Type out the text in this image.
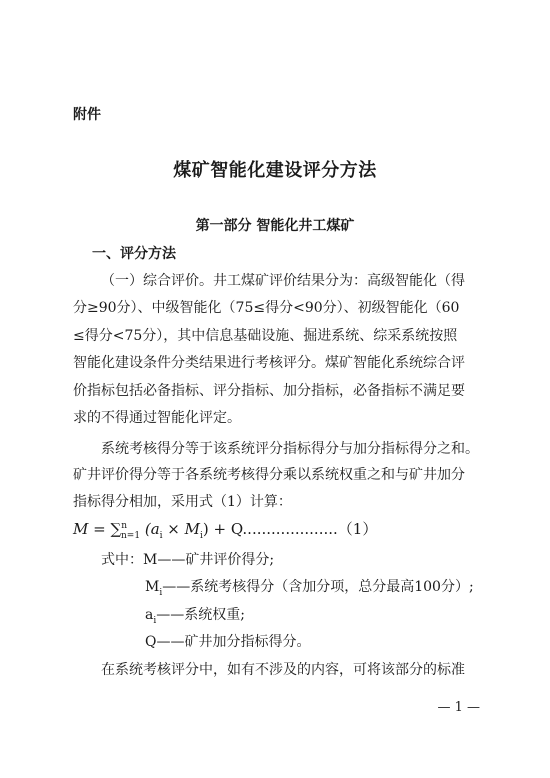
附件
煤矿智能化建设评分方法
第一部分 智能化井工煤矿
一、评分方法
（一）综合评价。井工煤矿评价结果分为：高级智能化（得
分≥90分）、中级智能化（75≤得分<90分）、初级智能化（60
≤得分<75分），其中信息基础设施、掘进系统、综采系统按照
智能化建设条件分类结果进行考核评分。煤矿智能化系统综合评
价指标包括必备指标、评分指标、加分指标，必备指标不满足要
求的不得通过智能化评定。
系统考核得分等于该系统评分指标得分与加分指标得分之和。
矿井评价得分等于各系统考核得分乘以系统权重之和与矿井加分
指标得分相加，采用式（1）计算：
M = ∑$^n_{n=1}$ $(a_i \times M_i) + Q....................(1)$
式中：M——矿井评价得分;
$M_i——$系统考核得分（含加分项，总分最高100分）;
$a_i——$系统权重;
Q——矿井加分指标得分。
在系统考核评分中，如有不涉及的内容，可将该部分的标准
— 1 —
